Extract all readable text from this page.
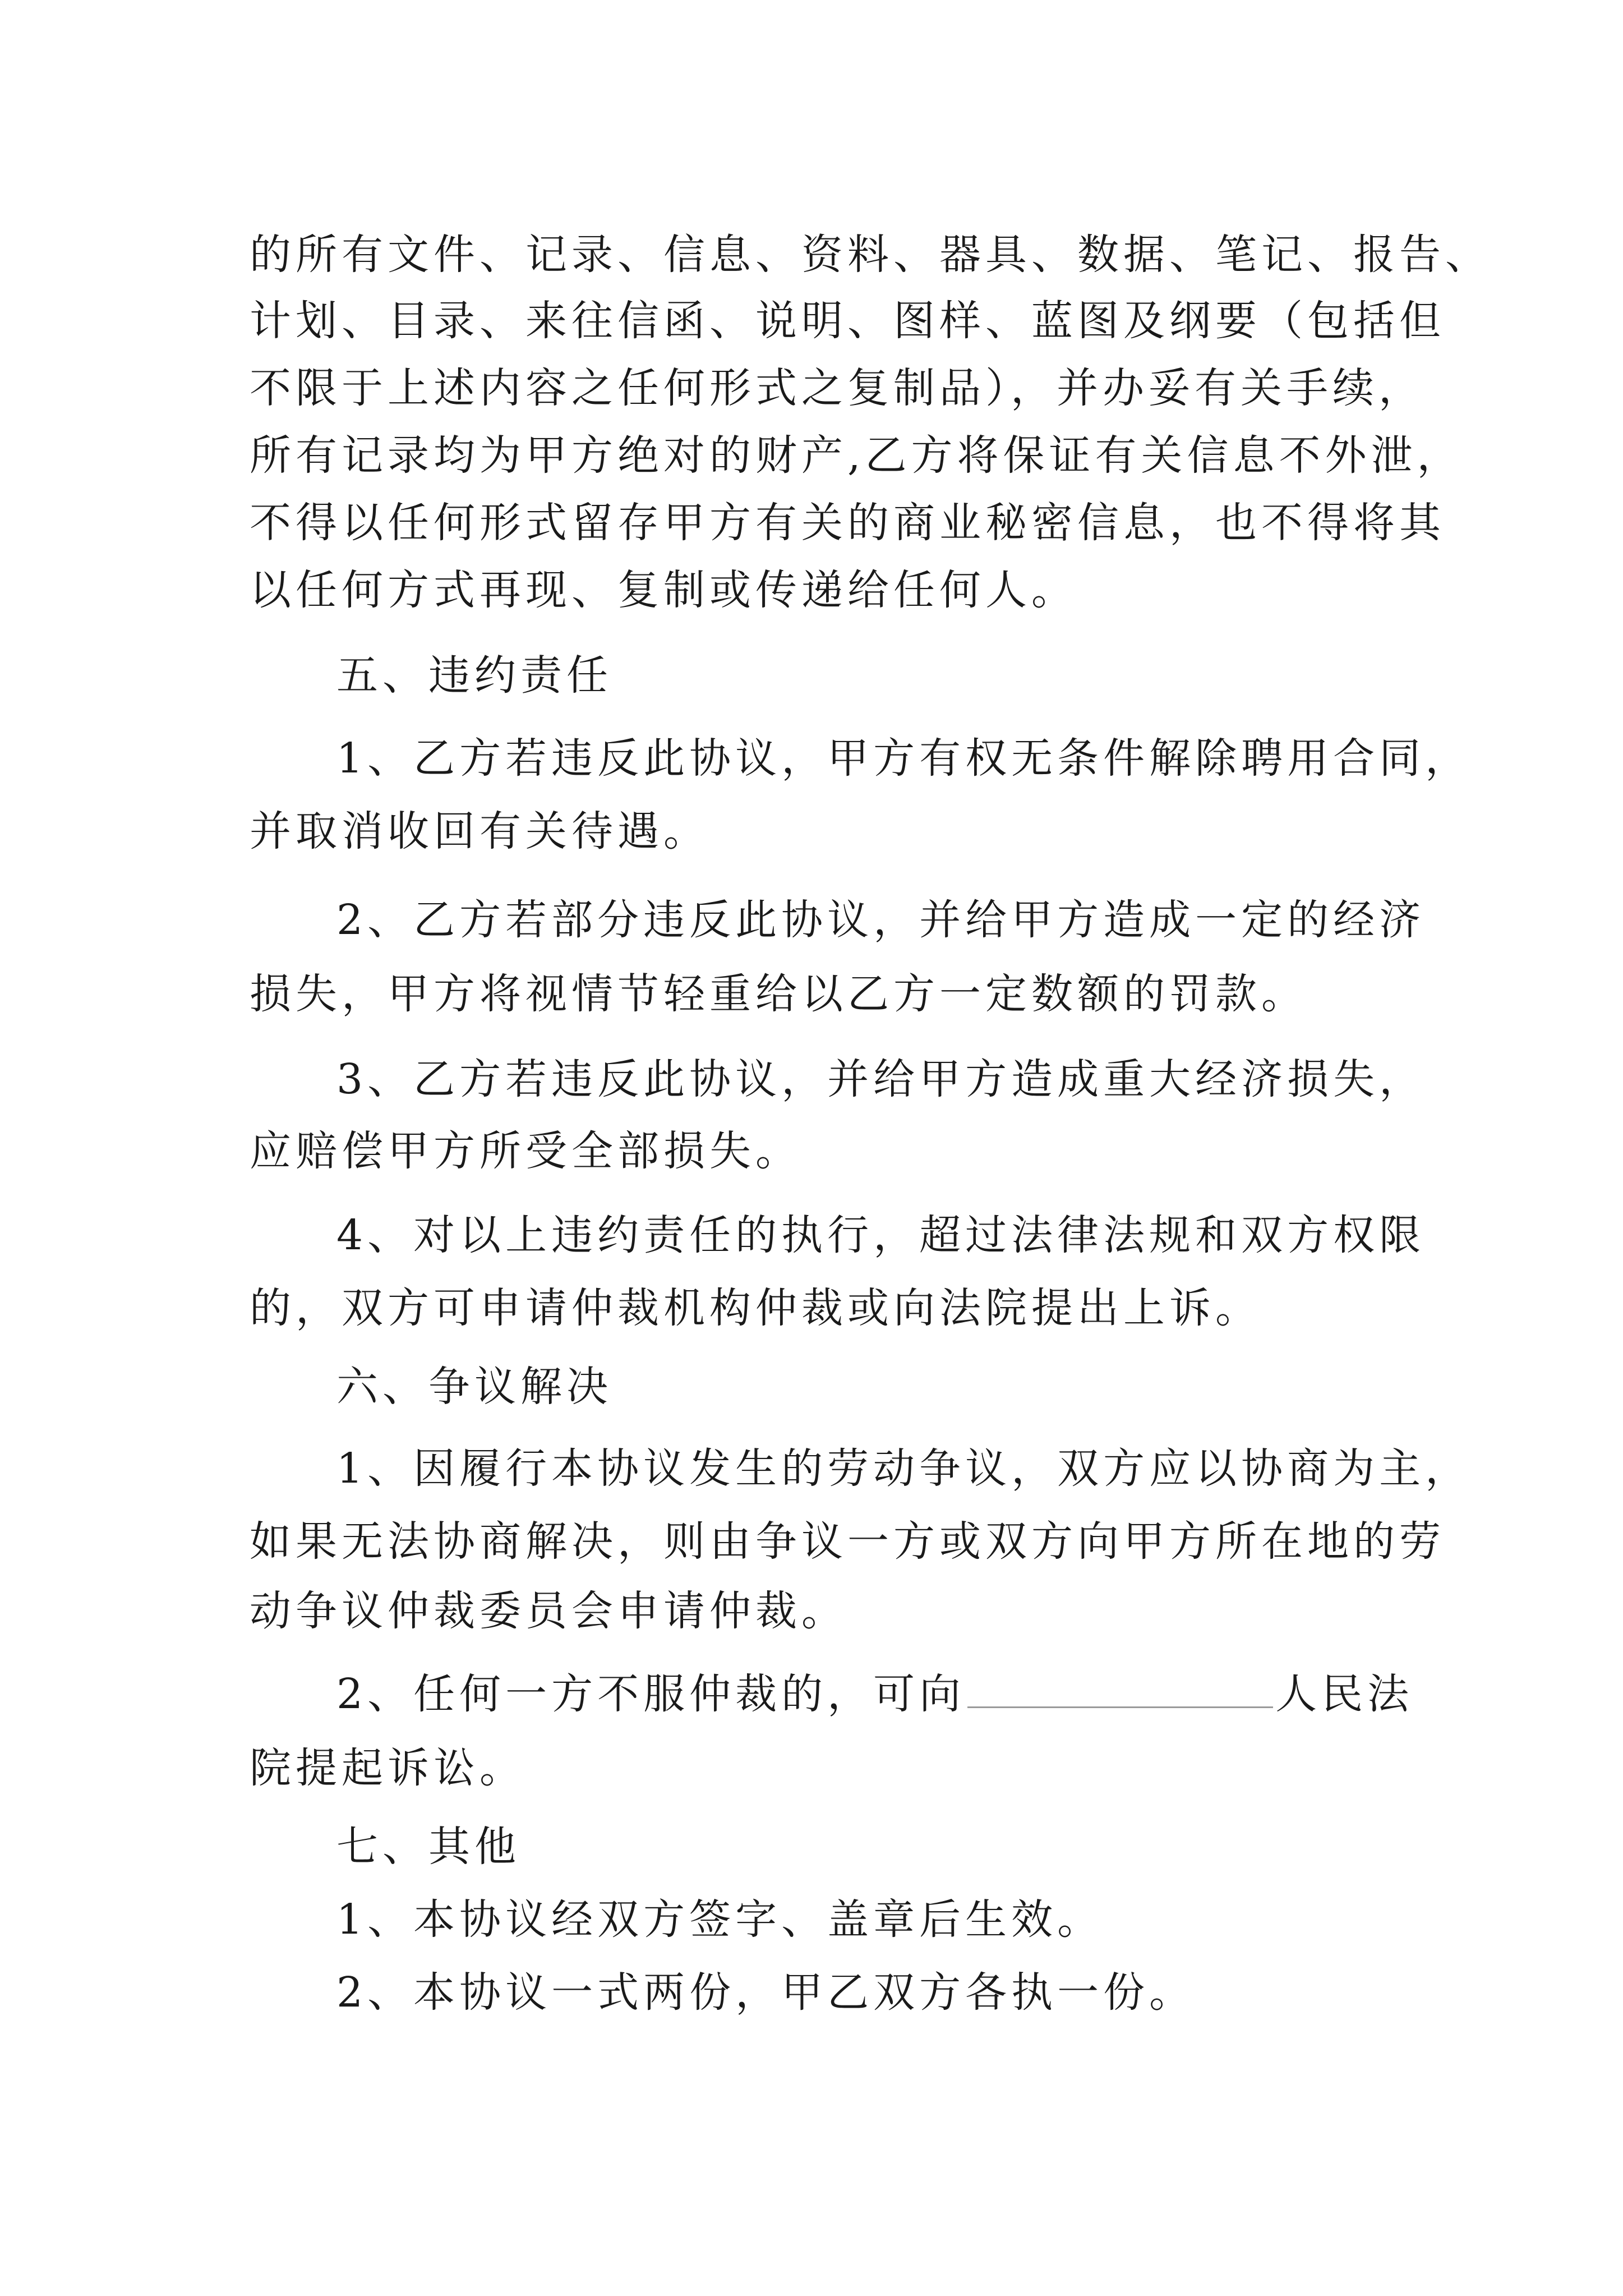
的所有文件、记录、信息、资料、器具、数据、笔记、报告、
计划、目录、来往信函、说明、图样、蓝图及纲要（包括但
不限于上述内容之任何形式之复制品），并办妥有关手续，
所有记录均为甲方绝对的财产,乙方将保证有关信息不外泄，
不得以任何形式留存甲方有关的商业秘密信息，也不得将其
以任何方式再现、复制或传递给任何人。
五、违约责任
1、乙方若违反此协议，甲方有权无条件解除聘用合同，
并取消收回有关待遇。
2、乙方若部分违反此协议，并给甲方造成一定的经济
损失，甲方将视情节轻重给以乙方一定数额的罚款。
3、乙方若违反此协议，并给甲方造成重大经济损失，
应赔偿甲方所受全部损失。
4、对以上违约责任的执行，超过法律法规和双方权限
的，双方可申请仲裁机构仲裁或向法院提出上诉。
六、争议解决
1、因履行本协议发生的劳动争议，双方应以协商为主，
如果无法协商解决，则由争议一方或双方向甲方所在地的劳
动争议仲裁委员会申请仲裁。
2、任何一方不服仲裁的，可向	人民法
院提起诉讼。
七、其他
1、本协议经双方签字、盖章后生效。
2、本协议一式两份，甲乙双方各执一份。
